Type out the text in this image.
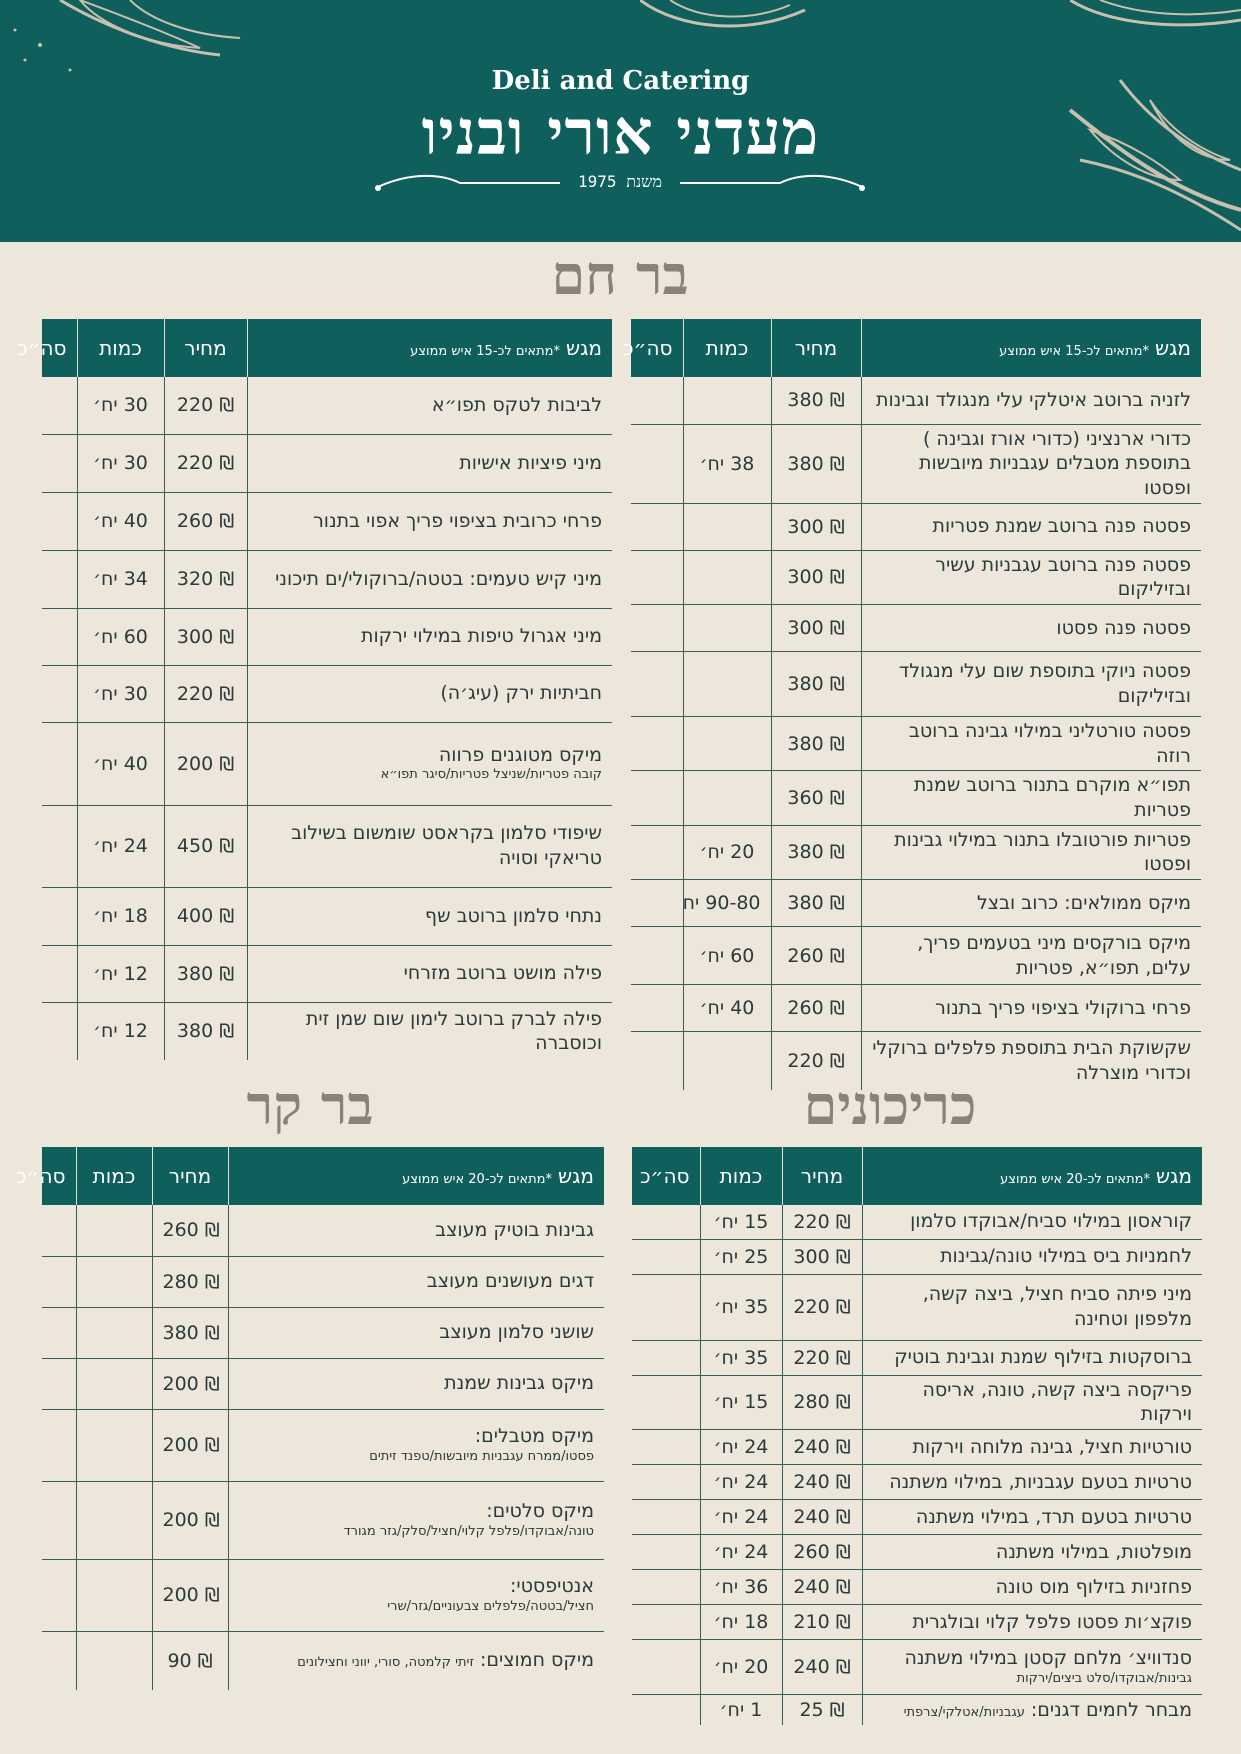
Deli and Catering
מעדני אורי ובניו
משנת 1975
בר חם
כריכונים
בר קר
מגש*מתאים לכ-15 איש ממוצע	מחיר	כמות	סה״כ
לזניה ברוטב איטלקי עלי מנגולד וגבינות	380 ₪		
כדורי ארנציני (כדורי אורז וגבינה ) בתוספת מטבלים עגבניות מיובשות ופסטו	380 ₪	38 יח׳	
פסטה פנה ברוטב שמנת פטריות	300 ₪		
פסטה פנה ברוטב עגבניות עשיר ובזיליקום	300 ₪		
פסטה פנה פסטו	300 ₪		
פסטה ניוקי בתוספת שום עלי מנגולד ובזיליקום	380 ₪		
פסטה טורטליני במילוי גבינה ברוטב רוזה	380 ₪		
תפו״א מוקרם בתנור ברוטב שמנת פטריות	360 ₪		
פטריות פורטובלו בתנור במילוי גבינות ופסטו	380 ₪	20 יח׳	
מיקס ממולאים: כרוב ובצל	380 ₪	90-80 יח	
מיקס בורקסים מיני בטעמים פריך, עלים, תפו״א, פטריות	260 ₪	60 יח׳	
פרחי ברוקולי בציפוי פריך בתנור	260 ₪	40 יח׳	
שקשוקת הבית בתוספת פלפלים ברוקלי וכדורי מוצרלה	220 ₪		
מגש*מתאים לכ-15 איש ממוצע	מחיר	כמות	סה״כ
לביבות לטקס תפו״א	220 ₪	30 יח׳	
מיני פיציות אישיות	220 ₪	30 יח׳	
פרחי כרובית בציפוי פריך אפוי בתנור	260 ₪	40 יח׳	
מיני קיש טעמים: בטטה/ברוקולי/ים תיכוני	320 ₪	34 יח׳	
מיני אגרול טיפות במילוי ירקות	300 ₪	60 יח׳	
חביתיות ירק (עיג׳ה)	220 ₪	30 יח׳	
מיקס מטוגנים פרווה
קובה פטריות/שניצל פטריות/סיגר תפו״א	200 ₪	40 יח׳	
שיפודי סלמון בקראסט שומשום בשילוב טריאקי וסויה	450 ₪	24 יח׳	
נתחי סלמון ברוטב שף	400 ₪	18 יח׳	
פילה מושט ברוטב מזרחי	380 ₪	12 יח׳	
פילה לברק ברוטב לימון שום שמן זית וכוסברה	380 ₪	12 יח׳	
מגש*מתאים לכ-20 איש ממוצע	מחיר	כמות	סה״כ
קוראסון במילוי סביח/אבוקדו סלמון	220 ₪	15 יח׳	
לחמניות ביס במילוי טונה/גבינות	300 ₪	25 יח׳	
מיני פיתה סביח חציל, ביצה קשה, מלפפון וטחינה	220 ₪	35 יח׳	
ברוסקטות בזילוף שמנת וגבינת בוטיק	220 ₪	35 יח׳	
פריקסה ביצה קשה, טונה, אריסה וירקות	280 ₪	15 יח׳	
טורטיות חציל, גבינה מלוחה וירקות	240 ₪	24 יח׳	
טרטיות בטעם עגבניות, במילוי משתנה	240 ₪	24 יח׳	
טרטיות בטעם תרד, במילוי משתנה	240 ₪	24 יח׳	
מופלטות, במילוי משתנה	260 ₪	24 יח׳	
פחזניות בזילוף מוס טונה	240 ₪	36 יח׳	
פוקצ׳ות פסטו פלפל קלוי ובולגרית	210 ₪	18 יח׳	
סנדוויצ׳ מלחם קסטן במילוי משתנה
גבינות/אבוקדו/סלט ביצים/ירקות	240 ₪	20 יח׳	
מבחר לחמים דגנים:עגבניות/אטלקי/צרפתי	25 ₪	1 יח׳	
מגש*מתאים לכ-20 איש ממוצע	מחיר	כמות	סה״כ
גבינות בוטיק מעוצב	260 ₪		
דגים מעושנים מעוצב	280 ₪		
שושני סלמון מעוצב	380 ₪		
מיקס גבינות שמנת	200 ₪		
מיקס מטבלים:
פסטו/ממרח עגבניות מיובשות/טפנד זיתים	200 ₪		
מיקס סלטים:
טונה/אבוקדו/פלפל קלוי/חציל/סלק/גזר מגורד	200 ₪		
אנטיפסטי:
חציל/בטטה/פלפלים צבעוניים/גזר/שרי	200 ₪		
מיקס חמוצים:זיתי קלמטה, סורי, יווני וחצילונים	90 ₪		
